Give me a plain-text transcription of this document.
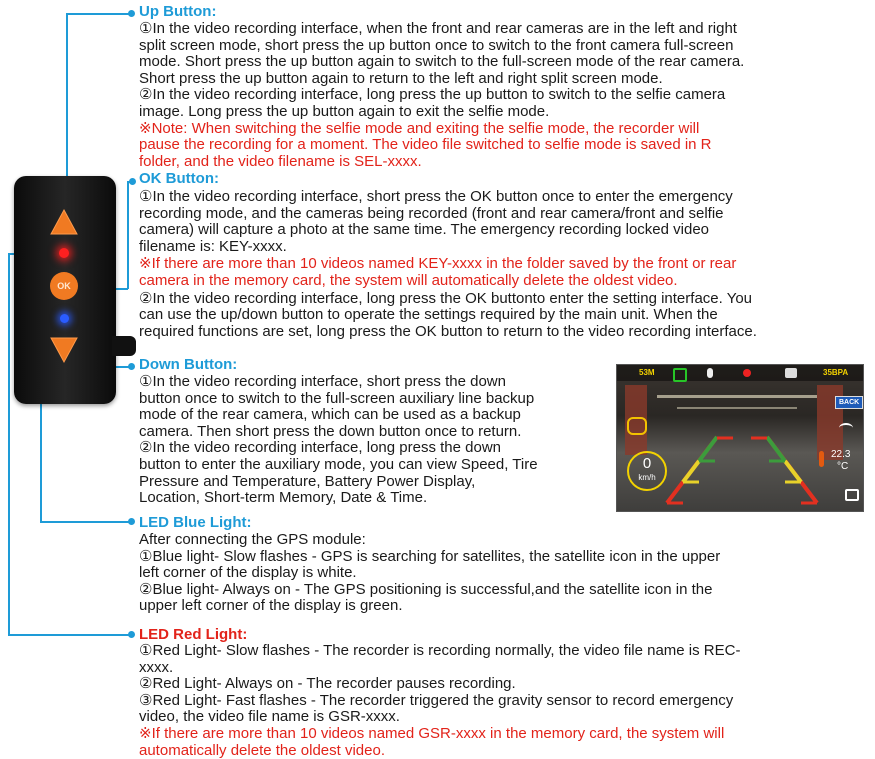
OK
Up Button:
①In the video recording interface, when the front and rear cameras are in the left and right
split screen mode, short press the up button once to switch to the front camera full-screen
mode. Short press the up button again to switch to the full-screen mode of the rear camera.
Short press the up button again to return to the left and right split screen mode.
②In the video recording interface, long press the up button to switch to the selfie camera
image. Long press the up button again to exit the selfie mode.
※Note: When switching the selfie mode and exiting the selfie mode, the recorder will
pause the recording for a moment. The video file switched to selfie mode is saved in R
folder, and the video filename is SEL-xxxx.
OK Button:
①In the video recording interface, short press the OK button once to enter the emergency
recording mode, and the cameras being recorded (front and rear camera/front and selfie
camera) will capture a photo at the same time. The emergency recording locked video
filename is: KEY-xxxx.
※If there are more than 10 videos named KEY-xxxx in the folder saved by the front or rear
camera in the memory card, the system will automatically delete the oldest video.
②In the video recording interface, long press the OK buttonto enter the setting interface. You
can use the up/down button to operate the settings required by the main unit. When the
required functions are set, long press the OK button to return to the video recording interface.
Down Button:
①In the video recording interface, short press the down
button once to switch to the full-screen auxiliary line backup
mode of the rear camera, which can be used as a backup
camera. Then short press the down button once to return.
②In the video recording interface, long press the down
button to enter the auxiliary mode, you can view Speed, Tire
Pressure and Temperature, Battery Power Display,
Location, Short-term Memory, Date & Time.
53M	35BPA
0
km/h
BACK
22.3
°C
LED Blue Light:
After connecting the GPS module:
①Blue light- Slow flashes - GPS is searching for satellites, the satellite icon in the upper
left corner of the display is white.
②Blue light- Always on - The GPS positioning is successful,and the satellite icon in the
upper left corner of the display is green.
LED Red Light:
①Red Light- Slow flashes - The recorder is recording normally, the video file name is REC-
xxxx.
②Red Light- Always on - The recorder pauses recording.
③Red Light- Fast flashes - The recorder triggered the gravity sensor to record emergency
video, the video file name is GSR-xxxx.
※If there are more than 10 videos named GSR-xxxx in the memory card, the system will
automatically delete the oldest video.
